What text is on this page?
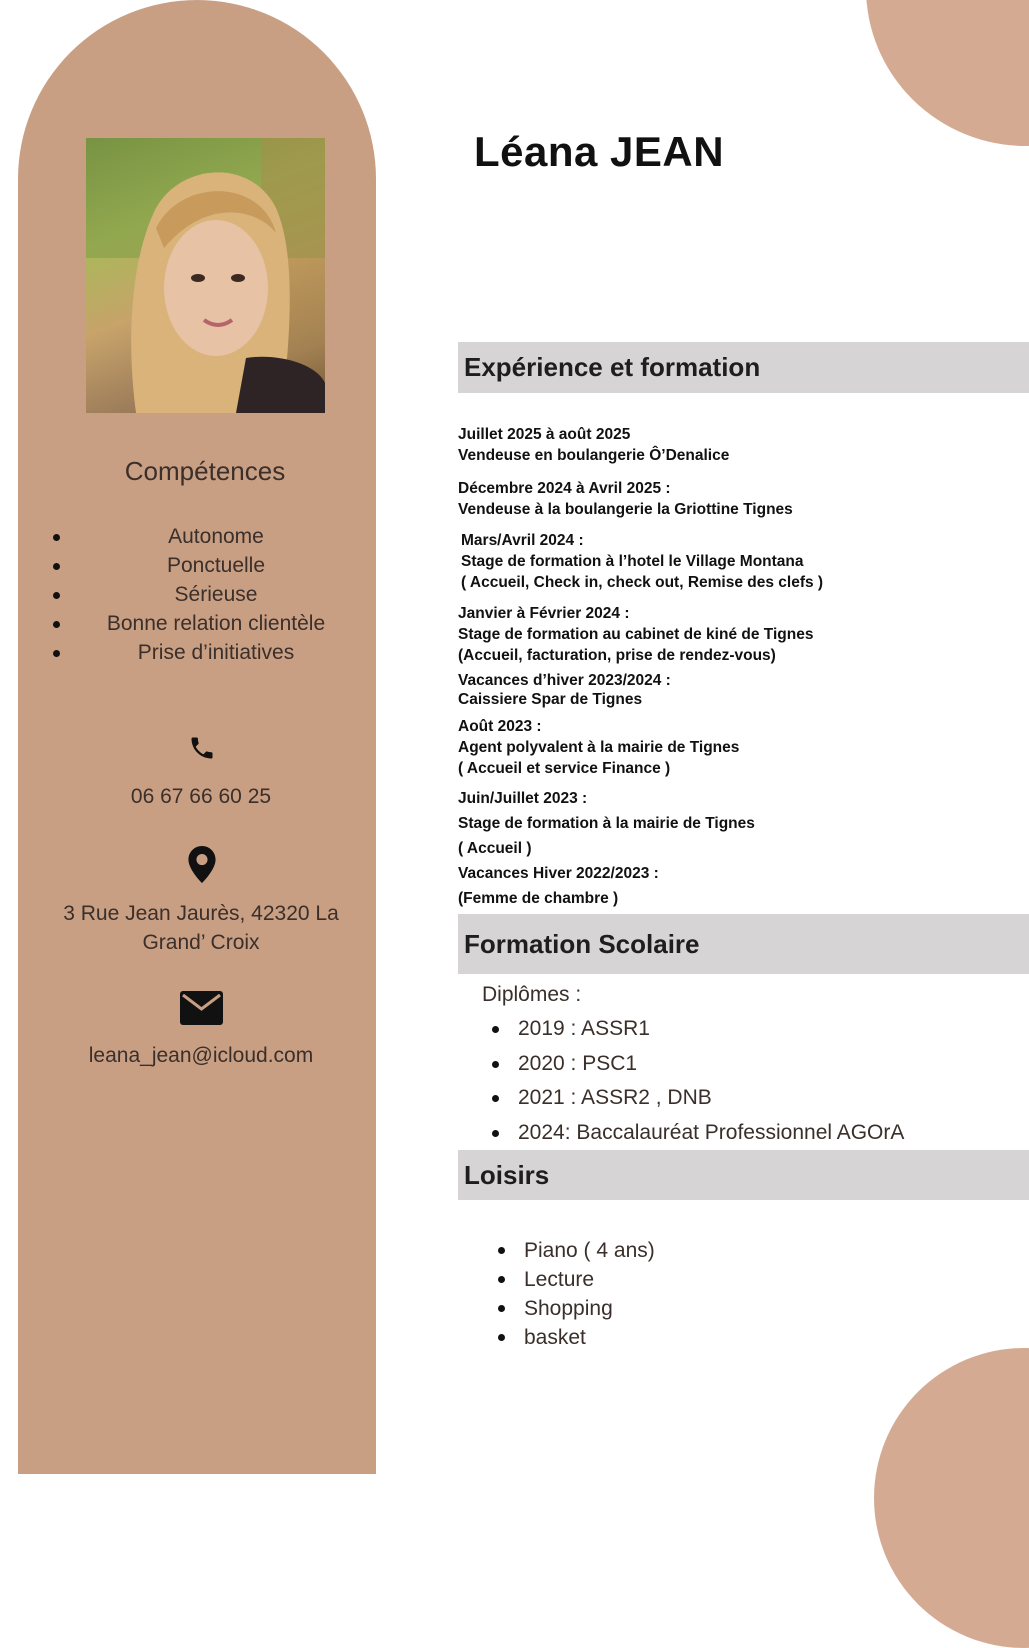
Compétences
Autonome
Ponctuelle
Sérieuse
Bonne relation clientèle
Prise d’initiatives
06 67 66 60 25
3 Rue Jean Jaurès, 42320 La
Grand’ Croix
leana_jean@icloud.com
Léana JEAN
Expérience et formation
Juillet 2025 à août 2025
Vendeuse en boulangerie Ô’Denalice
Décembre 2024 à Avril 2025 :
Vendeuse à la boulangerie la Griottine Tignes
Mars/Avril 2024 :
Stage de formation à l’hotel le Village Montana
( Accueil, Check in, check out, Remise des clefs )
Janvier à Février 2024 :
Stage de formation au cabinet de kiné de Tignes
(Accueil, facturation, prise de rendez-vous)
Vacances d’hiver 2023/2024 :
Caissiere Spar de Tignes
Août 2023 :
Agent polyvalent à la mairie de Tignes
( Accueil et service Finance )
Juin/Juillet 2023 :
Stage de formation à la mairie de Tignes
( Accueil )
Vacances Hiver 2022/2023 :
(Femme de chambre )
Formation Scolaire
Diplômes :
2019 : ASSR1
2020 : PSC1
2021 : ASSR2 , DNB
2024: Baccalauréat Professionnel AGOrA
Loisirs
Piano ( 4 ans)
Lecture
Shopping
basket
